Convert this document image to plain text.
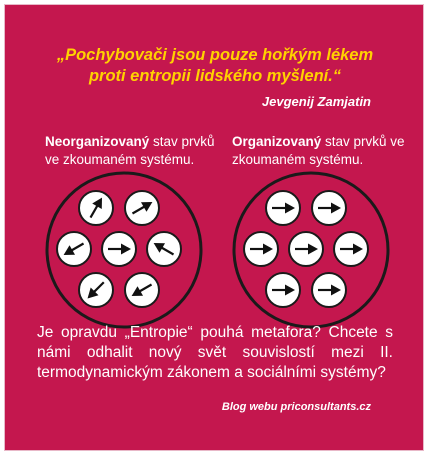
„Pochybovači jsou pouze hořkým lékem proti entropii lidského myšlení.“
Jevgenij Zamjatin
Neorganizovaný stav prvků ve zkoumaném systému.
Organizovaný stav prvků ve zkoumaném systému.
Je opravdu „Entropie“ pouhá metafora? Chcete s námi odhalit nový svět souvislostí mezi II. termodynamickým zákonem a sociálními systémy?
Blog webu priconsultants.cz
